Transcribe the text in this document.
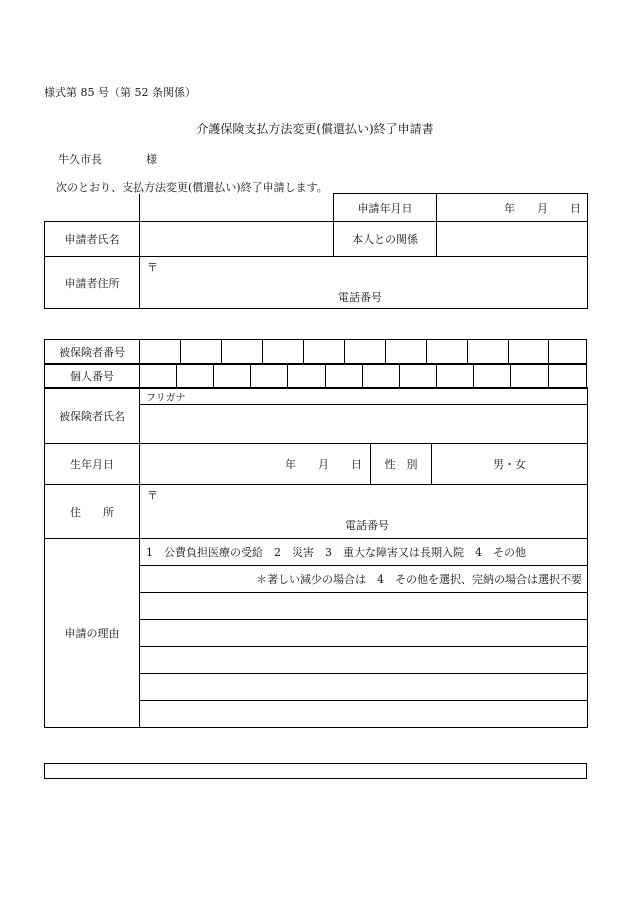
様式第 85 号（第 52 条関係）
介護保険支払方法変更(償還払い)終了申請書
牛久市長　　　　様
次のとおり、支払方法変更(償還払い)終了申請します。
		申請年月日	年　　月　　日
申請者氏名		本人との関係	
申請者住所	〒
電話番号		
被保険者番号											
個人番号												
被保険者氏名	フリガナ		

生年月日	年　　月　　日	性　別	男・女
住　　所	〒
電話番号		

申請の理由	1　公費負担医療の受給　2　災害　3　重大な障害又は長期入院　4　その他		
	＊著しい減少の場合は　4　その他を選択、完納の場合は選択不要		
